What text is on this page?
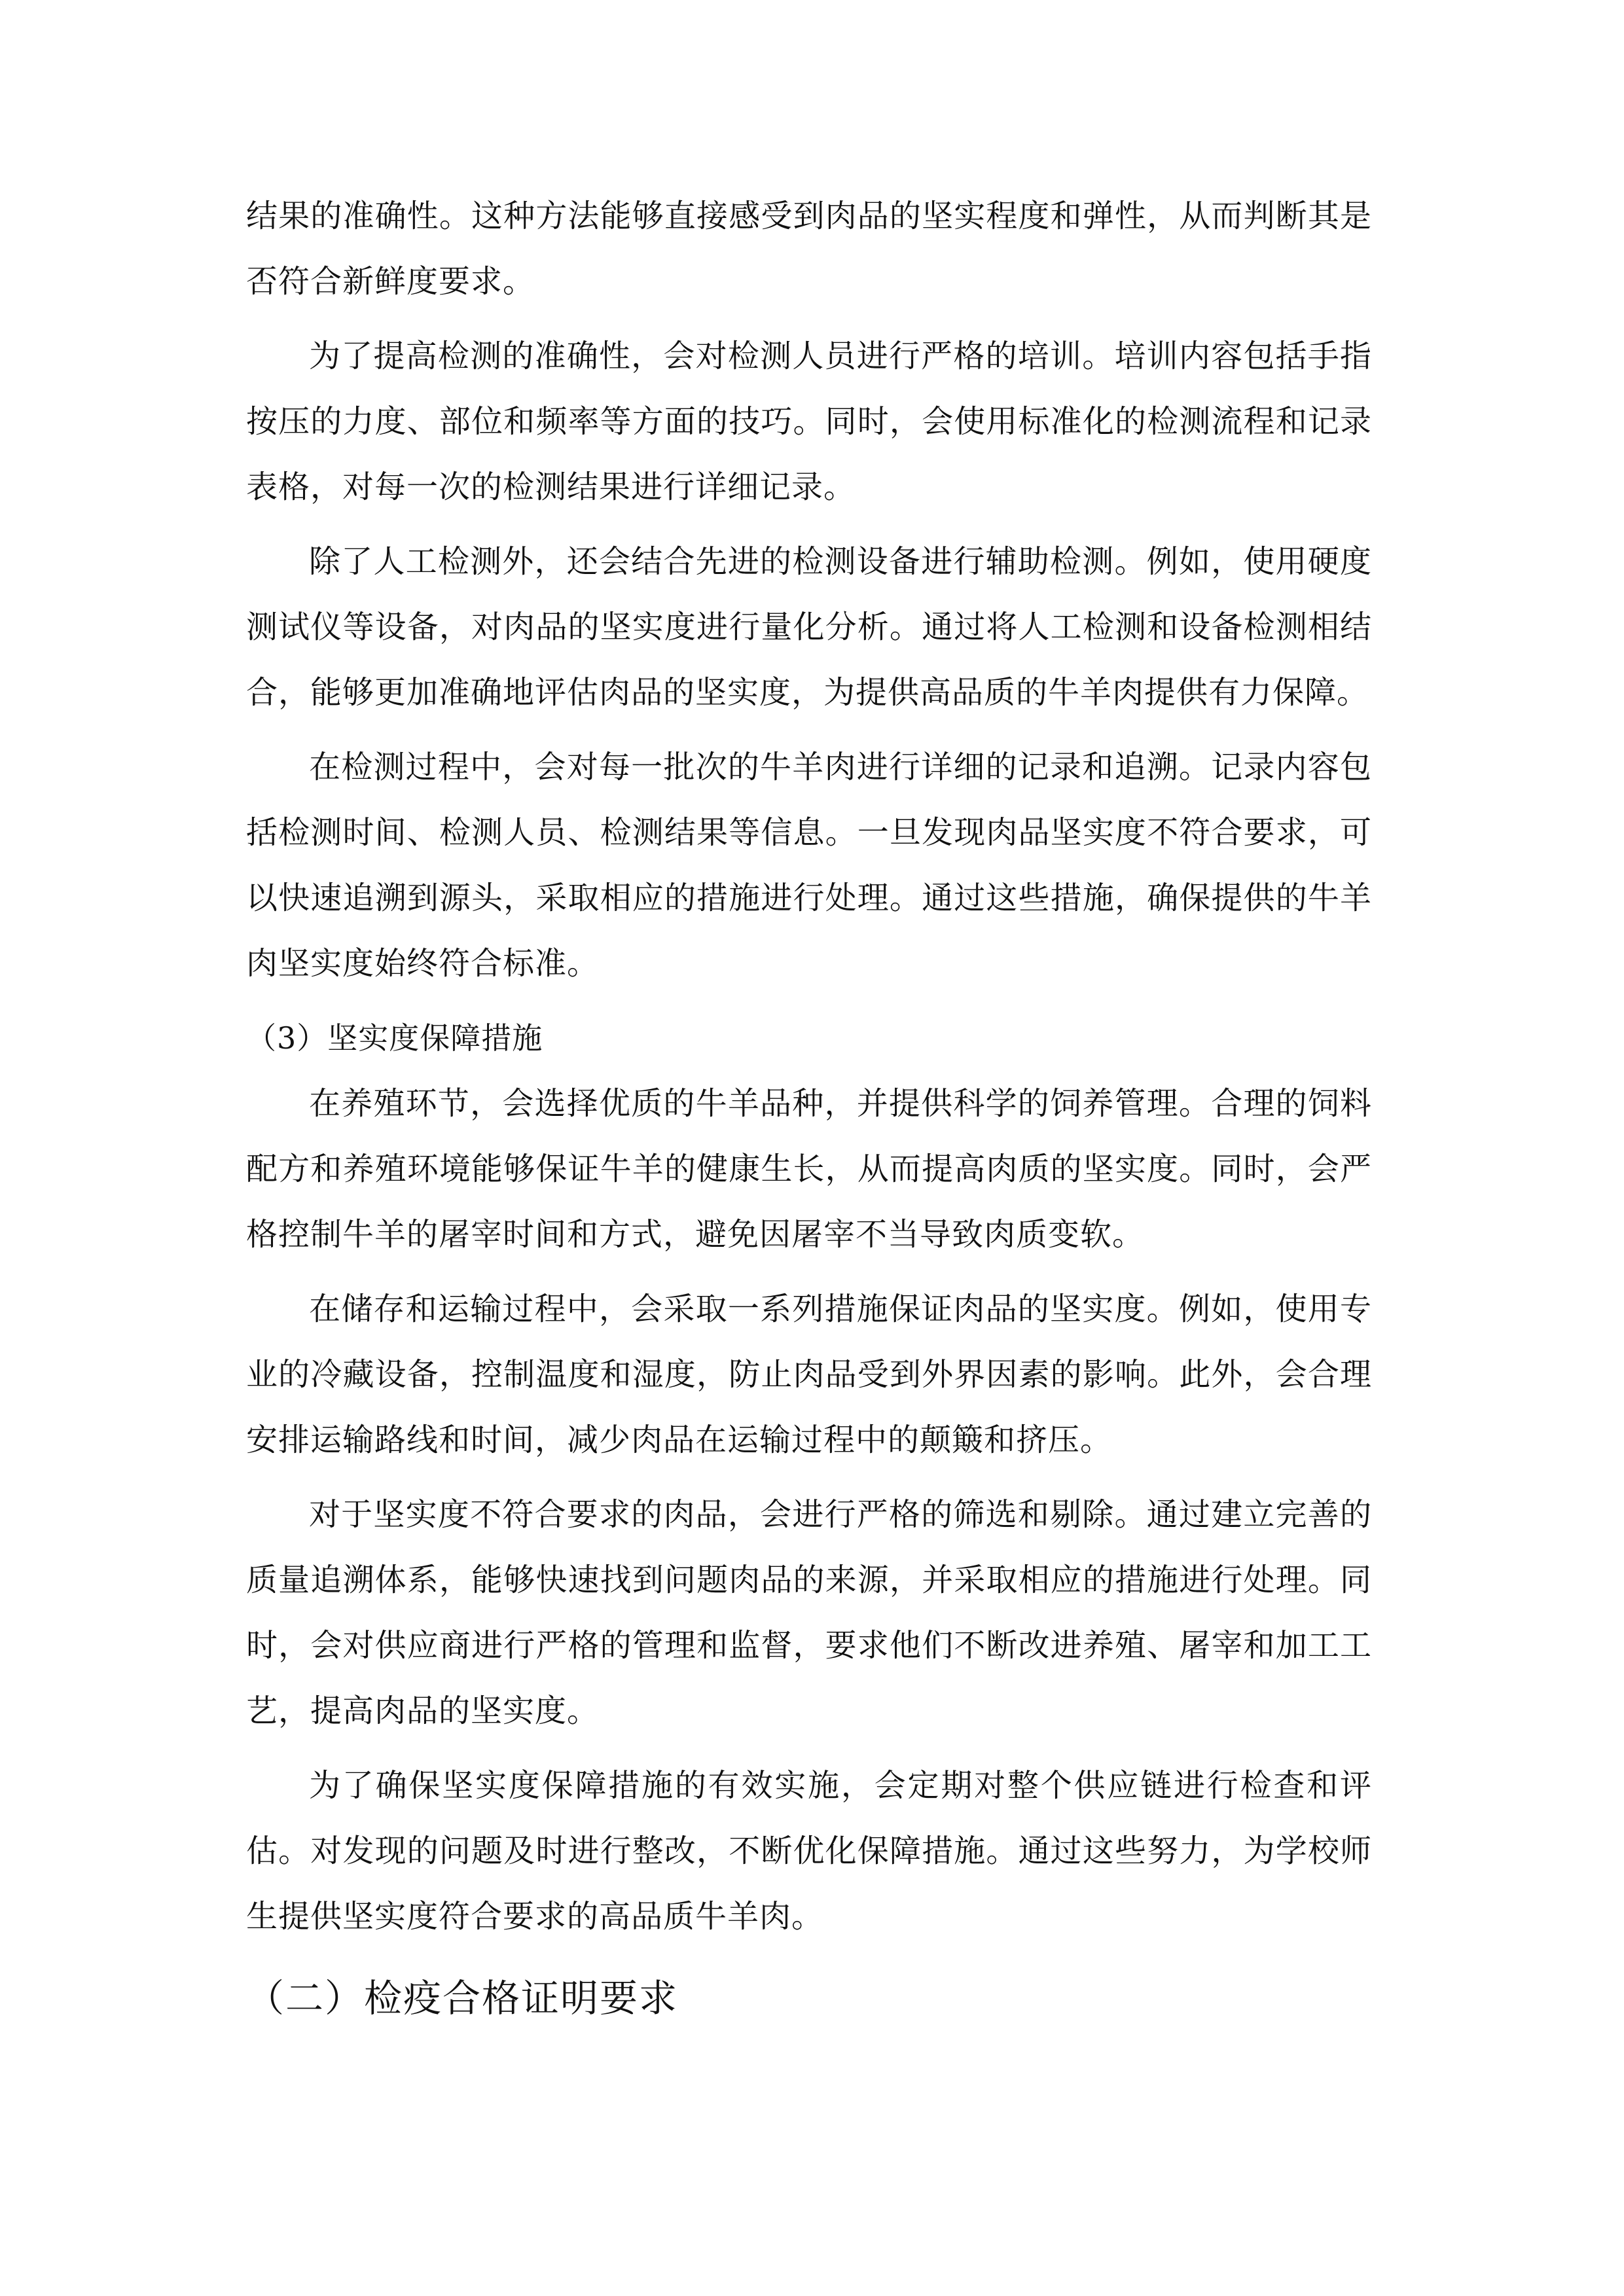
结果的准确性。这种方法能够直接感受到肉品的坚实程度和弹性，从而判断其是否符合新鲜度要求。

为了提高检测的准确性，会对检测人员进行严格的培训。培训内容包括手指按压的力度、部位和频率等方面的技巧。同时，会使用标准化的检测流程和记录表格，对每一次的检测结果进行详细记录。

除了人工检测外，还会结合先进的检测设备进行辅助检测。例如，使用硬度测试仪等设备，对肉品的坚实度进行量化分析。通过将人工检测和设备检测相结合，能够更加准确地评估肉品的坚实度，为提供高品质的牛羊肉提供有力保障。

在检测过程中，会对每一批次的牛羊肉进行详细的记录和追溯。记录内容包括检测时间、检测人员、检测结果等信息。一旦发现肉品坚实度不符合要求，可以快速追溯到源头，采取相应的措施进行处理。通过这些措施，确保提供的牛羊肉坚实度始终符合标准。

（3）坚实度保障措施

在养殖环节，会选择优质的牛羊品种，并提供科学的饲养管理。合理的饲料配方和养殖环境能够保证牛羊的健康生长，从而提高肉质的坚实度。同时，会严格控制牛羊的屠宰时间和方式，避免因屠宰不当导致肉质变软。

在储存和运输过程中，会采取一系列措施保证肉品的坚实度。例如，使用专业的冷藏设备，控制温度和湿度，防止肉品受到外界因素的影响。此外，会合理安排运输路线和时间，减少肉品在运输过程中的颠簸和挤压。

对于坚实度不符合要求的肉品，会进行严格的筛选和剔除。通过建立完善的质量追溯体系，能够快速找到问题肉品的来源，并采取相应的措施进行处理。同时，会对供应商进行严格的管理和监督，要求他们不断改进养殖、屠宰和加工工艺，提高肉品的坚实度。

为了确保坚实度保障措施的有效实施，会定期对整个供应链进行检查和评估。对发现的问题及时进行整改，不断优化保障措施。通过这些努力，为学校师生提供坚实度符合要求的高品质牛羊肉。

（二）检疫合格证明要求
